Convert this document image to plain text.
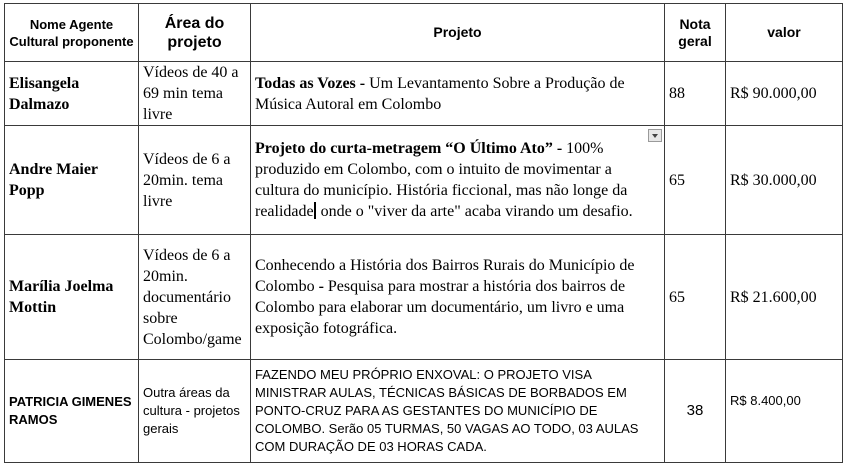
Nome Agente Cultural proponente	Área do projeto	Projeto	Nota geral	valor
Elisangela Dalmazo	Vídeos de 40 a 69 min tema livre	Todas as Vozes - Um Levantamento Sobre a Produção de Música Autoral em Colombo	88	R$ 90.000,00
Andre Maier Popp	Vídeos de 6 a 20min. tema livre	Projeto do curta-metragem “O Último Ato” - 100% produzido em Colombo, com o intuito de movimentar a cultura do município. História ficcional, mas não longe da realidade onde o "viver da arte" acaba virando um desafio.	65	R$ 30.000,00
Marília Joelma Mottin	Vídeos de 6 a 20min. documentário sobre Colombo/game	Conhecendo a História dos Bairros Rurais do Município de Colombo - Pesquisa para mostrar a história dos bairros de Colombo para elaborar um documentário, um livro e uma exposição fotográfica.	65	R$ 21.600,00
PATRICIA GIMENES RAMOS	Outra áreas da cultura - projetos gerais	FAZENDO MEU PRÓPRIO ENXOVAL: O PROJETO VISA MINISTRAR AULAS, TÉCNICAS BÁSICAS DE BORBADOS EM PONTO-CRUZ PARA AS GESTANTES DO MUNICÍPIO DE COLOMBO. Serão 05 TURMAS, 50 VAGAS AO TODO, 03 AULAS COM DURAÇÃO DE 03 HORAS CADA.	38	R$ 8.400,00
